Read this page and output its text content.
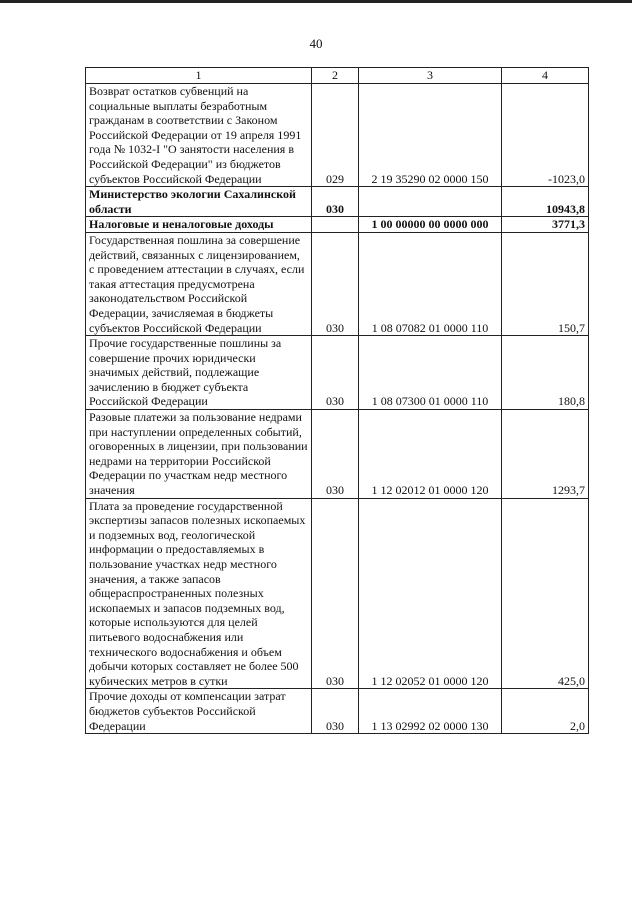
40
1	2	3	4
Возврат остатков субвенций на социальные выплаты безработным гражданам в соответствии с Законом Российской Федерации от 19 апреля 1991 года № 1032-I "О занятости населения в Российской Федерации" из бюджетов субъектов Российской Федерации	029	2 19 35290 02 0000 150	-1023,0
Министерство экологии Сахалинской области	030		10943,8
Налоговые и неналоговые доходы		1 00 00000 00 0000 000	3771,3
Государственная пошлина за совершение действий, связанных с лицензированием, с проведением аттестации в случаях, если такая аттестация предусмотрена законодательством Российской Федерации, зачисляемая в бюджеты субъектов Российской Федерации	030	1 08 07082 01 0000 110	150,7
Прочие государственные пошлины за совершение прочих юридически значимых действий, подлежащие зачислению в бюджет субъекта Российской Федерации	030	1 08 07300 01 0000 110	180,8
Разовые платежи за пользование недрами при наступлении определенных событий, оговоренных в лицензии, при пользовании недрами на территории Российской Федерации по участкам недр местного значения	030	1 12 02012 01 0000 120	1293,7
Плата за проведение государственной экспертизы запасов полезных ископаемых и подземных вод, геологической информации о предоставляемых в пользование участках недр местного значения, а также запасов общераспространенных полезных ископаемых и запасов подземных вод, которые используются для целей питьевого водоснабжения или технического водоснабжения и объем добычи которых составляет не более 500 кубических метров в сутки	030	1 12 02052 01 0000 120	425,0
Прочие доходы от компенсации затрат бюджетов субъектов Российской Федерации	030	1 13 02992 02 0000 130	2,0
